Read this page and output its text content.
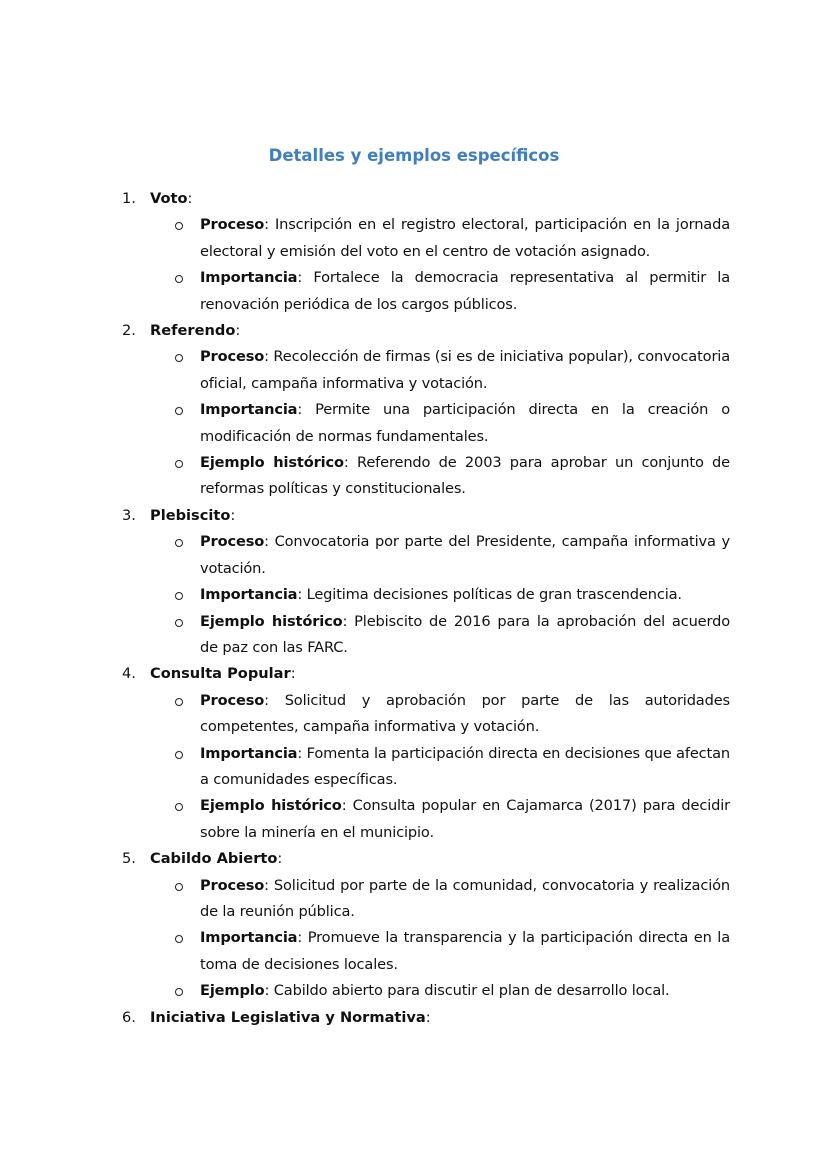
Detalles y ejemplos específicos
1. Voto:
Proceso: Inscripción en el registro electoral, participación en la jornada electoral y emisión del voto en el centro de votación asignado.
Importancia: Fortalece la democracia representativa al permitir la renovación periódica de los cargos públicos.
2. Referendo:
Proceso: Recolección de firmas (si es de iniciativa popular), convocatoria oficial, campaña informativa y votación.
Importancia: Permite una participación directa en la creación o modificación de normas fundamentales.
Ejemplo histórico: Referendo de 2003 para aprobar un conjunto de reformas políticas y constitucionales.
3. Plebiscito:
Proceso: Convocatoria por parte del Presidente, campaña informativa y votación.
Importancia: Legitima decisiones políticas de gran trascendencia.
Ejemplo histórico: Plebiscito de 2016 para la aprobación del acuerdo de paz con las FARC.
4. Consulta Popular:
Proceso: Solicitud y aprobación por parte de las autoridades competentes, campaña informativa y votación.
Importancia: Fomenta la participación directa en decisiones que afectan a comunidades específicas.
Ejemplo histórico: Consulta popular en Cajamarca (2017) para decidir sobre la minería en el municipio.
5. Cabildo Abierto:
Proceso: Solicitud por parte de la comunidad, convocatoria y realización de la reunión pública.
Importancia: Promueve la transparencia y la participación directa en la toma de decisiones locales.
Ejemplo: Cabildo abierto para discutir el plan de desarrollo local.
6. Iniciativa Legislativa y Normativa:
